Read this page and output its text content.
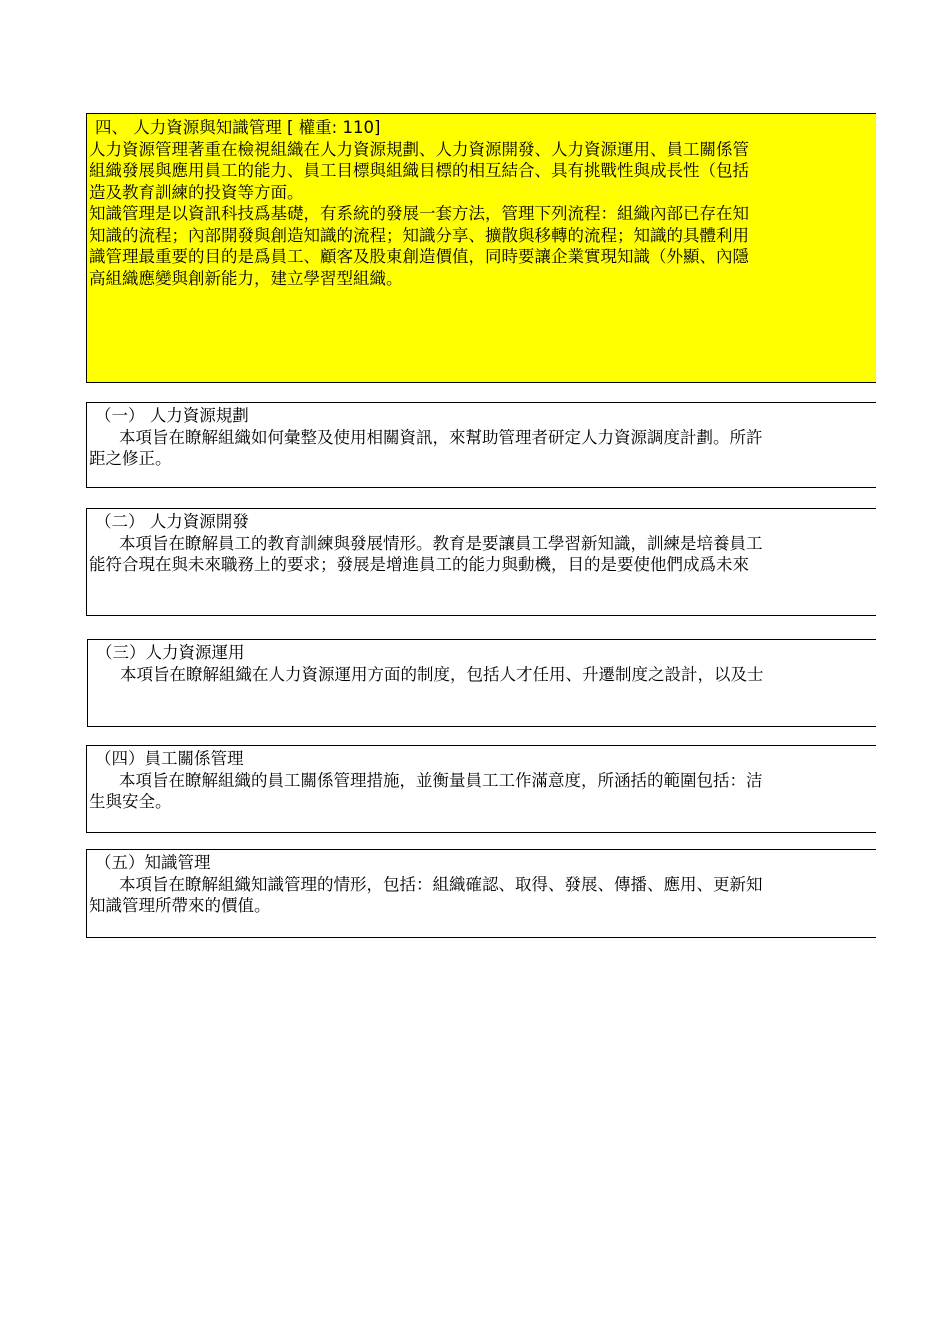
四、 人力資源與知識管理 [ 權重: 110]
人力資源管理著重在檢視組織在人力資源規劃、人力資源開發、人力資源運用、員工關係管
組織發展與應用員工的能力、員工目標與組織目標的相互結合、具有挑戰性與成長性（包括
造及教育訓練的投資等方面。
知識管理是以資訊科技爲基礎，有系統的發展一套方法，管理下列流程：組織內部已存在知
知識的流程；內部開發與創造知識的流程；知識分享、擴散與移轉的流程；知識的具體利用
識管理最重要的目的是爲員工、顧客及股東創造價值，同時要讓企業實現知識（外顯、內隱
高組織應變與創新能力，建立學習型組織。
（一） 人力資源規劃
本項旨在瞭解組織如何彙整及使用相關資訊，來幫助管理者研定人力資源調度計劃。所許
距之修正。
（二） 人力資源開發
本項旨在瞭解員工的教育訓練與發展情形。教育是要讓員工學習新知識，訓練是培養員工
能符合現在與未來職務上的要求；發展是增進員工的能力與動機，目的是要使他們成爲未來
（三）人力資源運用
本項旨在瞭解組織在人力資源運用方面的制度，包括人才任用、升遷制度之設計，以及士
（四）員工關係管理
本項旨在瞭解組織的員工關係管理措施，並衡量員工工作滿意度，所涵括的範圍包括：洁
生與安全。
（五）知識管理
本項旨在瞭解組織知識管理的情形，包括：組織確認、取得、發展、傳播、應用、更新知
知識管理所帶來的價值。
